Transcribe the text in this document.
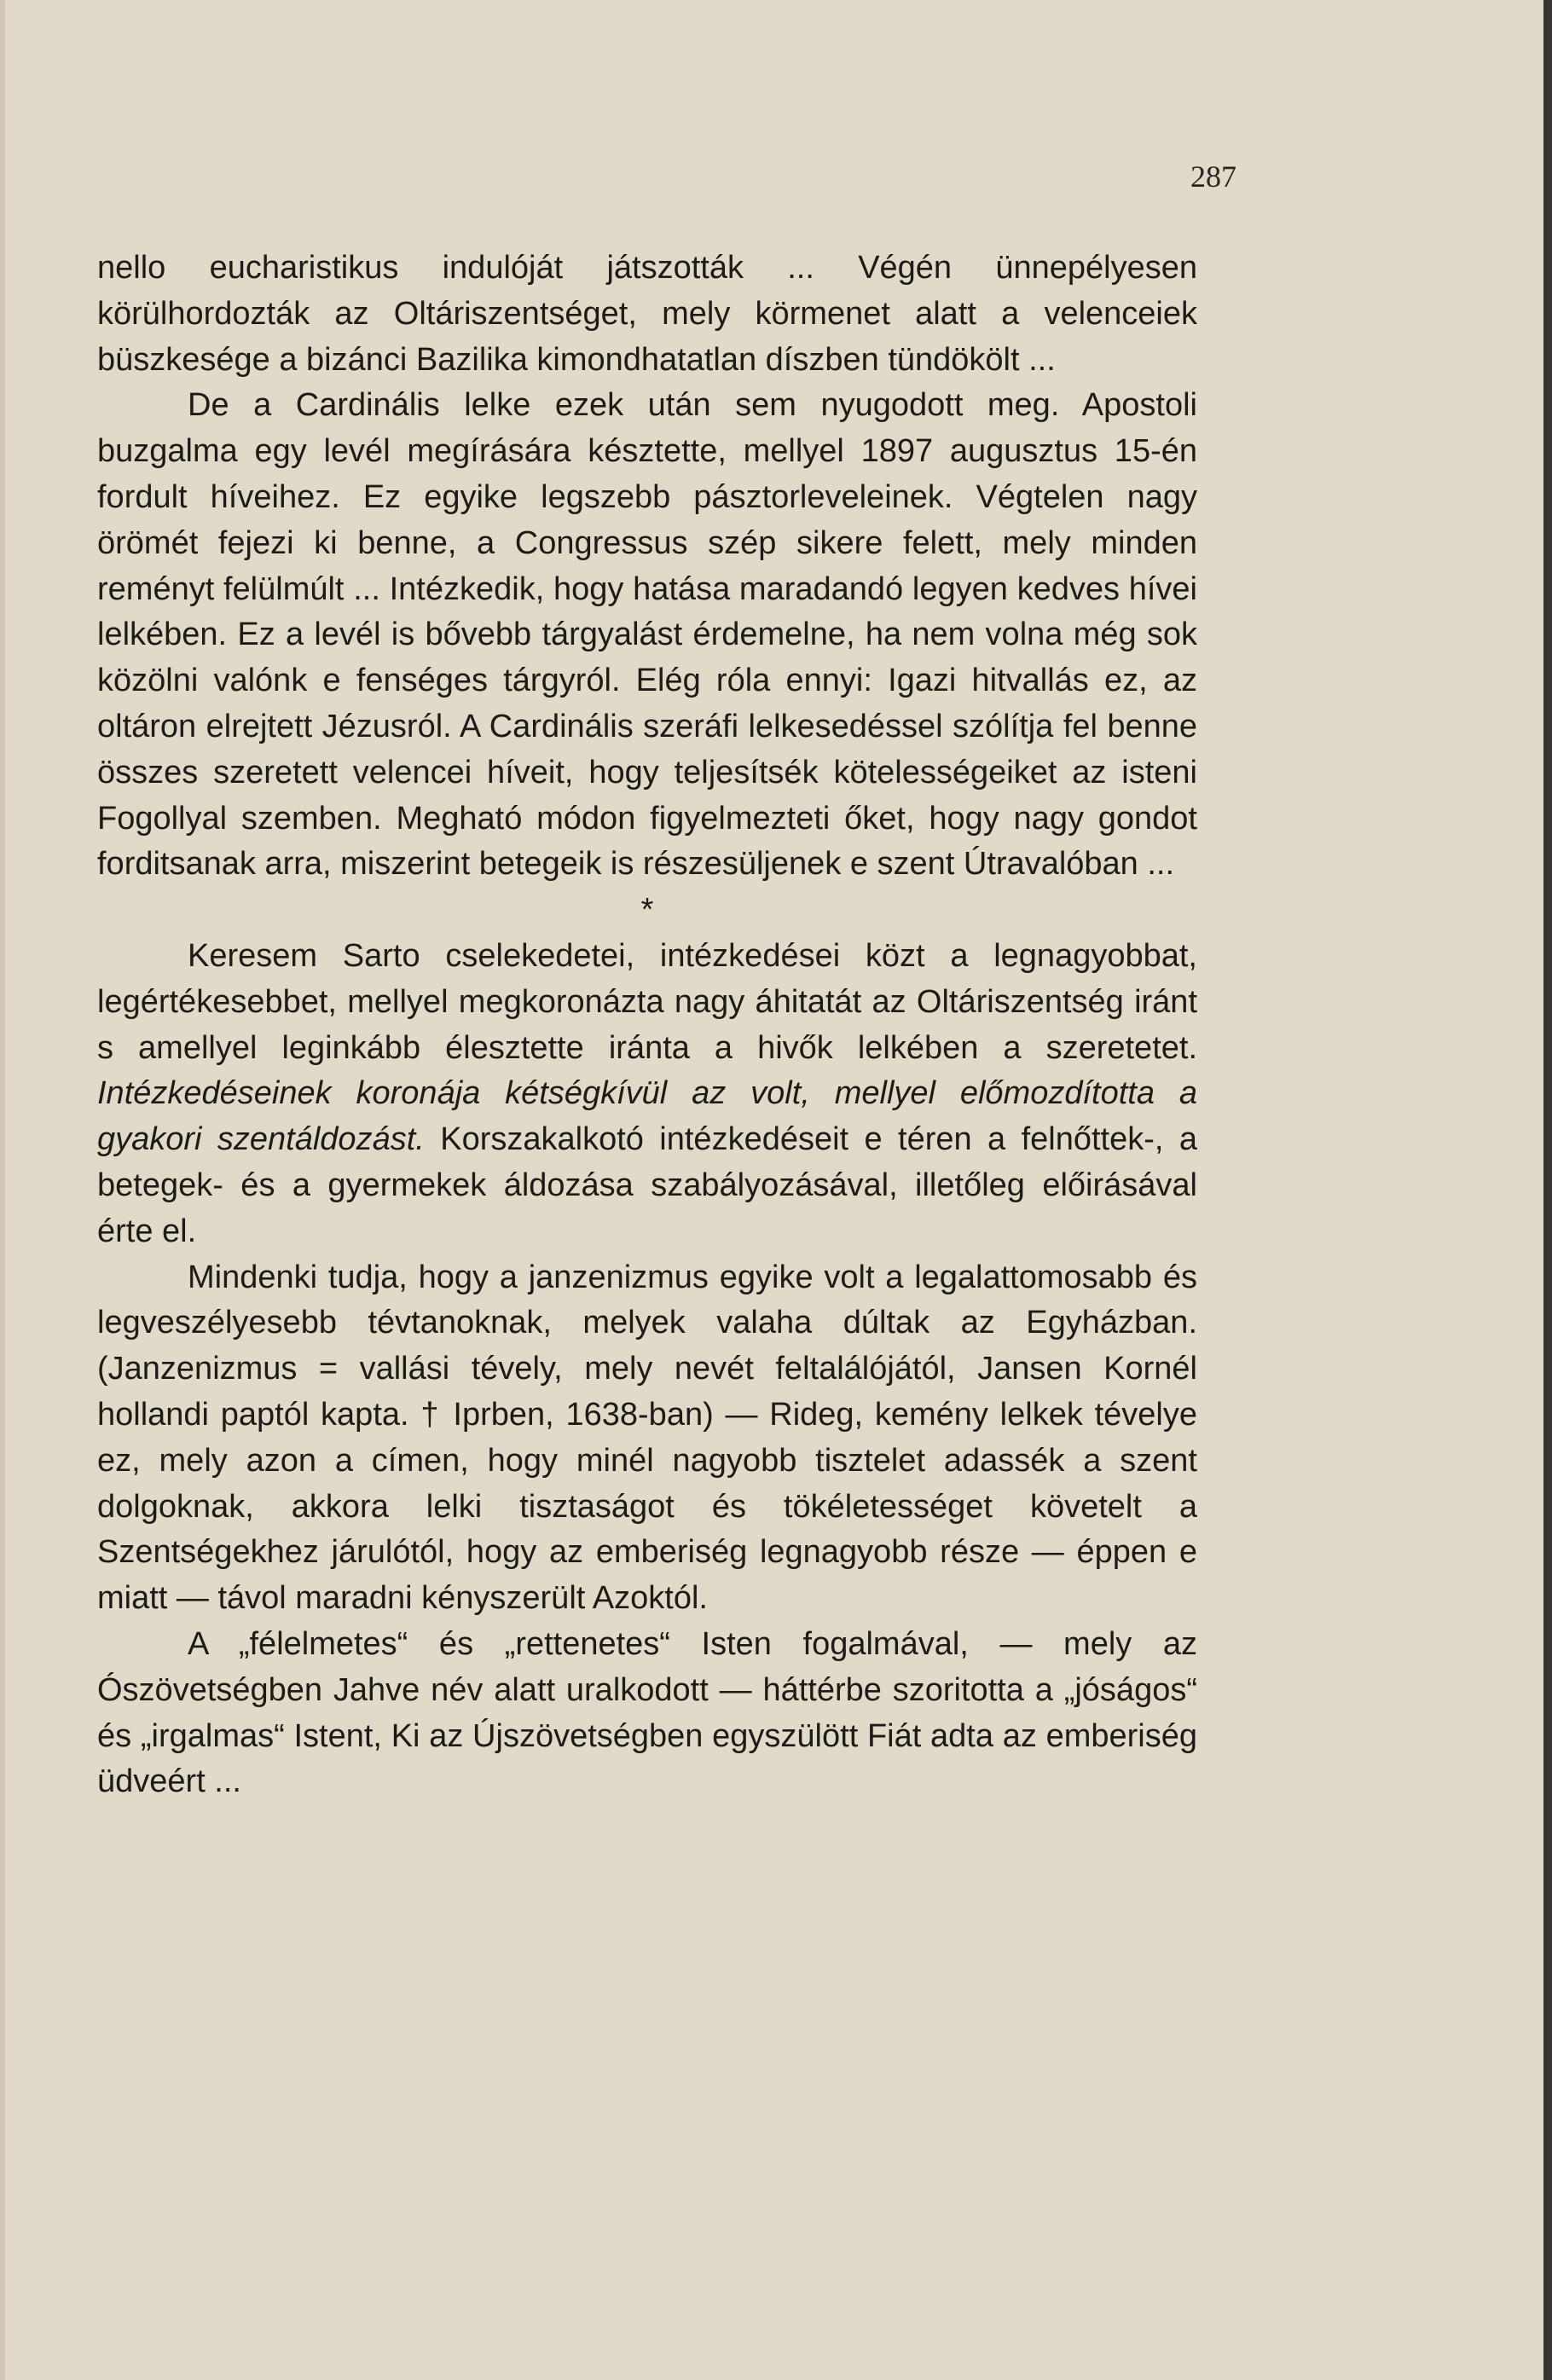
287

nello eucharistikus indulóját játszották ... Végén ünnepélyesen körülhordozták az Oltáriszentséget, mely körmenet alatt a velenceiek büszkesége a bizánci Bazilika kimondhatatlan díszben tündökölt ...

De a Cardinális lelke ezek után sem nyugodott meg. Apostoli buzgalma egy levél megírására késztette, mellyel 1897 augusztus 15-én fordult híveihez. Ez egyike legszebb pásztorleveleinek. Végtelen nagy örömét fejezi ki benne, a Congressus szép sikere felett, mely minden reményt felülmúlt ... Intézkedik, hogy hatása maradandó legyen kedves hívei lelkében. Ez a levél is bővebb tárgyalást érdemelne, ha nem volna még sok közölni valónk e fenséges tárgyról. Elég róla ennyi: Igazi hitvallás ez, az oltáron elrejtett Jézusról. A Cardinális szeráfi lelkesedéssel szólítja fel benne összes szeretett velencei híveit, hogy teljesítsék kötelességeiket az isteni Fogollyal szemben. Megható módon figyelmezteti őket, hogy nagy gondot forditsanak arra, miszerint betegeik is részesüljenek e szent Útravalóban ...

*

Keresem Sarto cselekedetei, intézkedései közt a legnagyobbat, legértékesebbet, mellyel megkoronázta nagy áhitatát az Oltáriszentség iránt s amellyel leginkább élesztette iránta a hivők lelkében a szeretetet. Intézkedéseinek koronája kétségkívül az volt, mellyel előmozdította a gyakori szentáldozást. Korszakalkotó intézkedéseit e téren a felnőttek-, a betegek- és a gyermekek áldozása szabályozásával, illetőleg előirásával érte el.

Mindenki tudja, hogy a janzenizmus egyike volt a legalattomosabb és legveszélyesebb tévtanoknak, melyek valaha dúltak az Egyházban. (Janzenizmus = vallási tévely, mely nevét feltalálójától, Jansen Kornél hollandi paptól kapta. † Iprben, 1638-ban) — Rideg, kemény lelkek tévelye ez, mely azon a címen, hogy minél nagyobb tisztelet adassék a szent dolgoknak, akkora lelki tisztaságot és tökéletességet követelt a Szentségekhez járulótól, hogy az emberiség legnagyobb része — éppen e miatt — távol maradni kényszerült Azoktól.

A „félelmetes“ és „rettenetes“ Isten fogalmával, — mely az Ószövetségben Jahve név alatt uralkodott — háttérbe szoritotta a „jóságos“ és „irgalmas“ Istent, Ki az Újszövetségben egyszülött Fiát adta az emberiség üdveért ...
